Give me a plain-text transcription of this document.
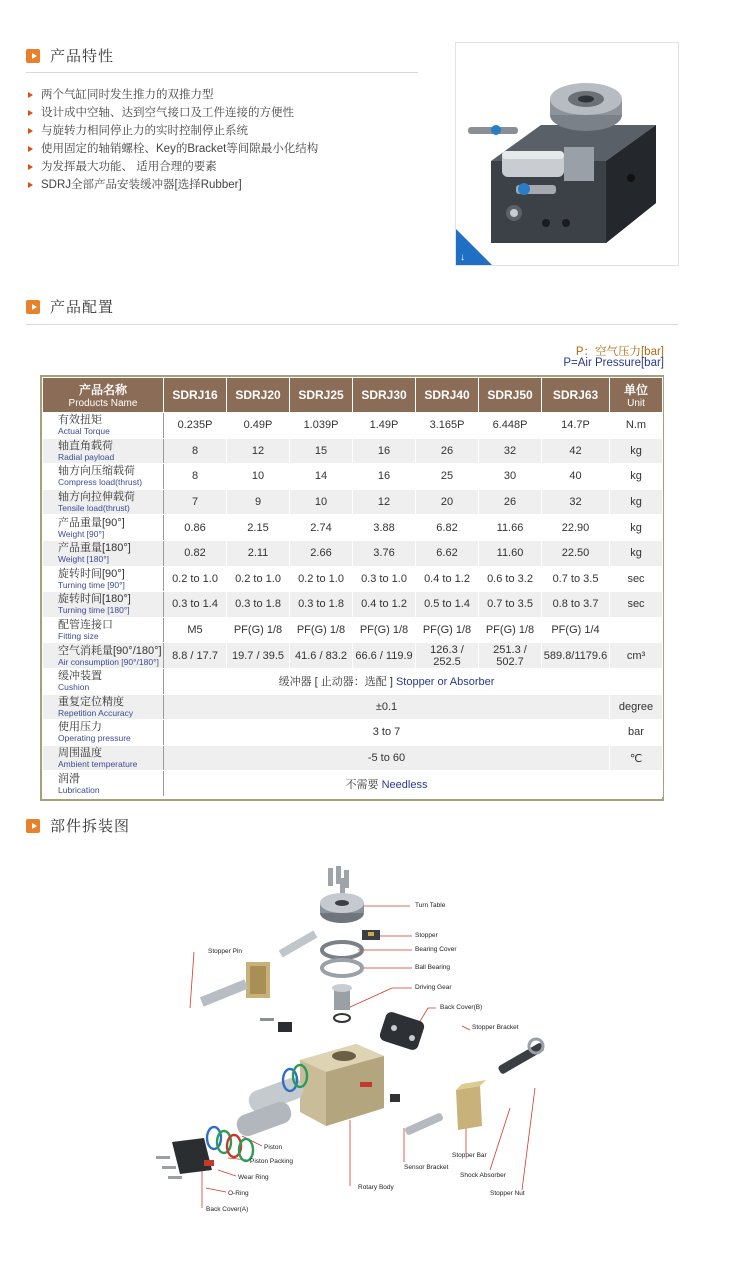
产品特性
两个气缸同时发生推力的双推力型
设计成中空轴、达到空气接口及工件连接的方便性
与旋转力相同停止力的实时控制停止系统
使用固定的轴销螺栓、Key的Bracket等间隙最小化结构
为发挥最大功能、 适用合理的要素
SDRJ全部产品安装缓冲器[选择Rubber]
↓
产品配置
P：空气压力[bar]
P=Air Pressure[bar]
产品名称
Products Name	SDRJ16	SDRJ20	SDRJ25	SDRJ30	SDRJ40	SDRJ50	SDRJ63	单位
Unit

有效扭矩
Actual Torque	0.235P	0.49P	1.039P	1.49P	3.165P	6.448P	14.7P	N.m

轴直角载荷
Radial payload	8	12	15	16	26	32	42	kg

轴方向压缩载荷
Compress load(thrust)	8	10	14	16	25	30	40	kg

轴方向拉伸载荷
Tensile load(thrust)	7	9	10	12	20	26	32	kg

产品重量[90°]
Weight [90°]	0.86	2.15	2.74	3.88	6.82	11.66	22.90	kg

产品重量[180°]
Weight [180°]	0.82	2.11	2.66	3.76	6.62	11.60	22.50	kg

旋转时间[90°]
Turning time [90°]	0.2 to 1.0	0.2 to 1.0	0.2 to 1.0	0.3 to 1.0	0.4 to 1.2	0.6 to 3.2	0.7 to 3.5	sec

旋转时间[180°]
Turning time [180°]	0.3 to 1.4	0.3 to 1.8	0.3 to 1.8	0.4 to 1.2	0.5 to 1.4	0.7 to 3.5	0.8 to 3.7	sec

配管连接口
Fitting size	M5	PF(G) 1/8	PF(G) 1/8	PF(G) 1/8	PF(G) 1/8	PF(G) 1/8	PF(G) 1/4	

空气消耗量[90°/180°]
Air consumption [90°/180°]	8.8 / 17.7	19.7 / 39.5	41.6 / 83.2	66.6 / 119.9	126.3 / 252.5	251.3 / 502.7	589.8/1179.6	cm³

缓冲装置
Cushion	缓冲器 [ 止动器：选配 ] Stopper or Absorber							

重复定位精度
Repetition Accuracy	±0.1							degree

使用压力
Operating pressure	3 to 7							bar

周围温度
Ambient temperature	-5 to 60							℃

润滑
Lubrication	不需要 Needless							
部件拆装图
Turn Table
Stopper Pin
Stopper
Bearing Cover
Ball Bearing
Driving Gear
Back Cover(B)
Stopper Bracket
Piston
Piston Packing
Wear Ring
O-Ring
Back Cover(A)
Rotary Body
Sensor Bracket
Stopper Bar
Shock Absorber
Stopper Nut
